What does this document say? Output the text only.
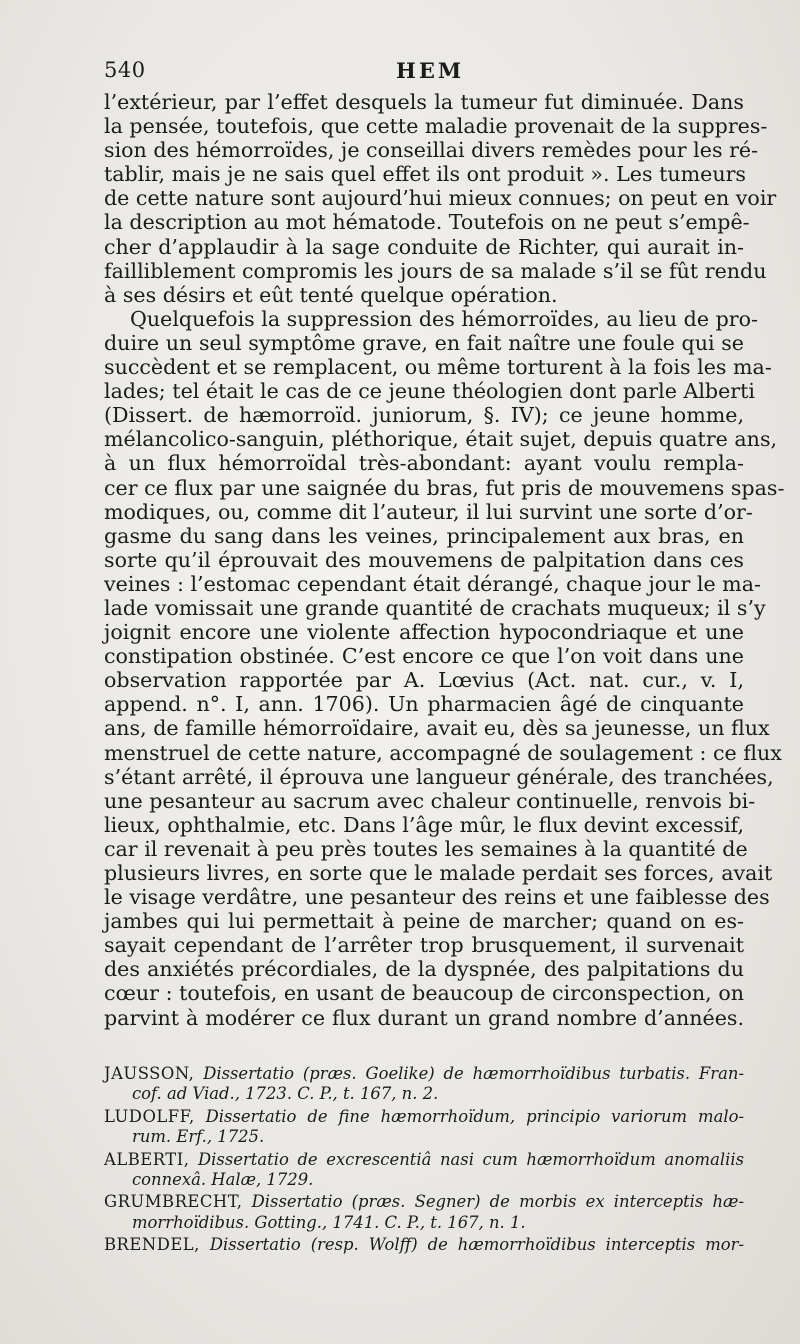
540	HEM

l’extérieur, par l’effet desquels la tumeur fut diminuée. Dans
la pensée, toutefois, que cette maladie provenait de la suppres-
sion des hémorroïdes, je conseillai divers remèdes pour les ré-
tablir, mais je ne sais quel effet ils ont produit ». Les tumeurs
de cette nature sont aujourd’hui mieux connues; on peut en voir
la description au mot hématode. Toutefois on ne peut s’empê-
cher d’applaudir à la sage conduite de Richter, qui aurait in-
failliblement compromis les jours de sa malade s’il se fût rendu
à ses désirs et eût tenté quelque opération.

Quelquefois la suppression des hémorroïdes, au lieu de pro-
duire un seul symptôme grave, en fait naître une foule qui se
succèdent et se remplacent, ou même torturent à la fois les ma-
lades; tel était le cas de ce jeune théologien dont parle Alberti
(Dissert. de hæmorroïd. juniorum, §. IV); ce jeune homme,
mélancolico-sanguin, pléthorique, était sujet, depuis quatre ans,
à un flux hémorroïdal très-abondant: ayant voulu rempla-
cer ce flux par une saignée du bras, fut pris de mouvemens spas-
modiques, ou, comme dit l’auteur, il lui survint une sorte d’or-
gasme du sang dans les veines, principalement aux bras, en
sorte qu’il éprouvait des mouvemens de palpitation dans ces
veines : l’estomac cependant était dérangé, chaque jour le ma-
lade vomissait une grande quantité de crachats muqueux; il s’y
joignit encore une violente affection hypocondriaque et une
constipation obstinée. C’est encore ce que l’on voit dans une
observation rapportée par A. Lœvius (Act. nat. cur., v. I,
append. n°. I, ann. 1706). Un pharmacien âgé de cinquante
ans, de famille hémorroïdaire, avait eu, dès sa jeunesse, un flux
menstruel de cette nature, accompagné de soulagement : ce flux
s’étant arrêté, il éprouva une langueur générale, des tranchées,
une pesanteur au sacrum avec chaleur continuelle, renvois bi-
lieux, ophthalmie, etc. Dans l’âge mûr, le flux devint excessif,
car il revenait à peu près toutes les semaines à la quantité de
plusieurs livres, en sorte que le malade perdait ses forces, avait
le visage verdâtre, une pesanteur des reins et une faiblesse des
jambes qui lui permettait à peine de marcher; quand on es-
sayait cependant de l’arrêter trop brusquement, il survenait
des anxiétés précordiales, de la dyspnée, des palpitations du
cœur : toutefois, en usant de beaucoup de circonspection, on
parvint à modérer ce flux durant un grand nombre d’années.

JAUSSON, Dissertatio (præs. Goelike) de hæmorrhoïdibus turbatis. Fran-
cof. ad Viad., 1723. C. P., t. 167, n. 2.
LUDOLFF, Dissertatio de fine hæmorrhoïdum, principio variorum malo-
rum. Erf., 1725.
ALBERTI, Dissertatio de excrescentiâ nasi cum hæmorrhoïdum anomaliis
connexâ. Halæ, 1729.
GRUMBRECHT, Dissertatio (præs. Segner) de morbis ex interceptis hæ-
morrhoïdibus. Gotting., 1741. C. P., t. 167, n. 1.
BRENDEL, Dissertatio (resp. Wolff) de hæmorrhoïdibus interceptis mor-
